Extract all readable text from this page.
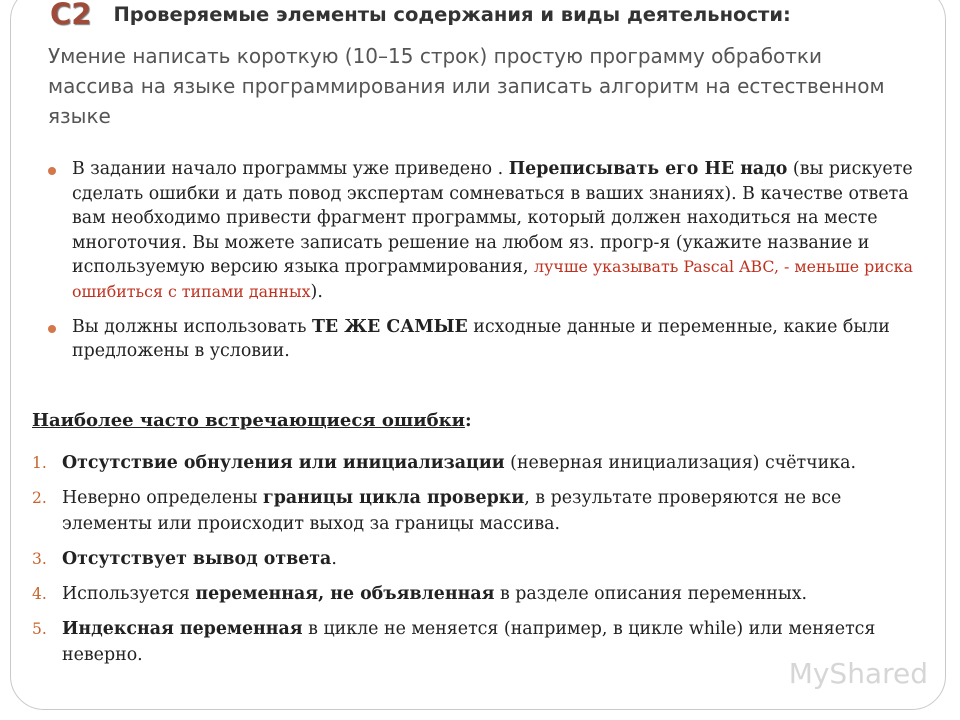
C2 Проверяемые элементы содержания и виды деятельности:
Умение написать короткую (10–15 строк) простую программу обработки массива на языке программирования или записать алгоритм на естественном языке
В задании начало программы уже приведено . Переписывать его НЕ надо (вы рискуете сделать ошибки и дать повод экспертам сомневаться в ваших знаниях). В качестве ответа вам необходимо привести фрагмент программы, который должен находиться на месте многоточия. Вы можете записать решение на любом яз. прогр-я (укажите название и используемую версию языка программирования, лучше указывать Pascal ABC, - меньше риска ошибиться с типами данных).
Вы должны использовать ТЕ ЖЕ САМЫЕ исходные данные и переменные, какие были предложены в условии.
Наиболее часто встречающиеся ошибки:
1. Отсутствие обнуления или инициализации (неверная инициализация) счётчика.
2. Неверно определены границы цикла проверки, в результате проверяются не все элементы или происходит выход за границы массива.
3. Отсутствует вывод ответа.
4. Используется переменная, не объявленная в разделе описания переменных.
5. Индексная переменная в цикле не меняется (например, в цикле while) или меняется неверно.
MyShared
